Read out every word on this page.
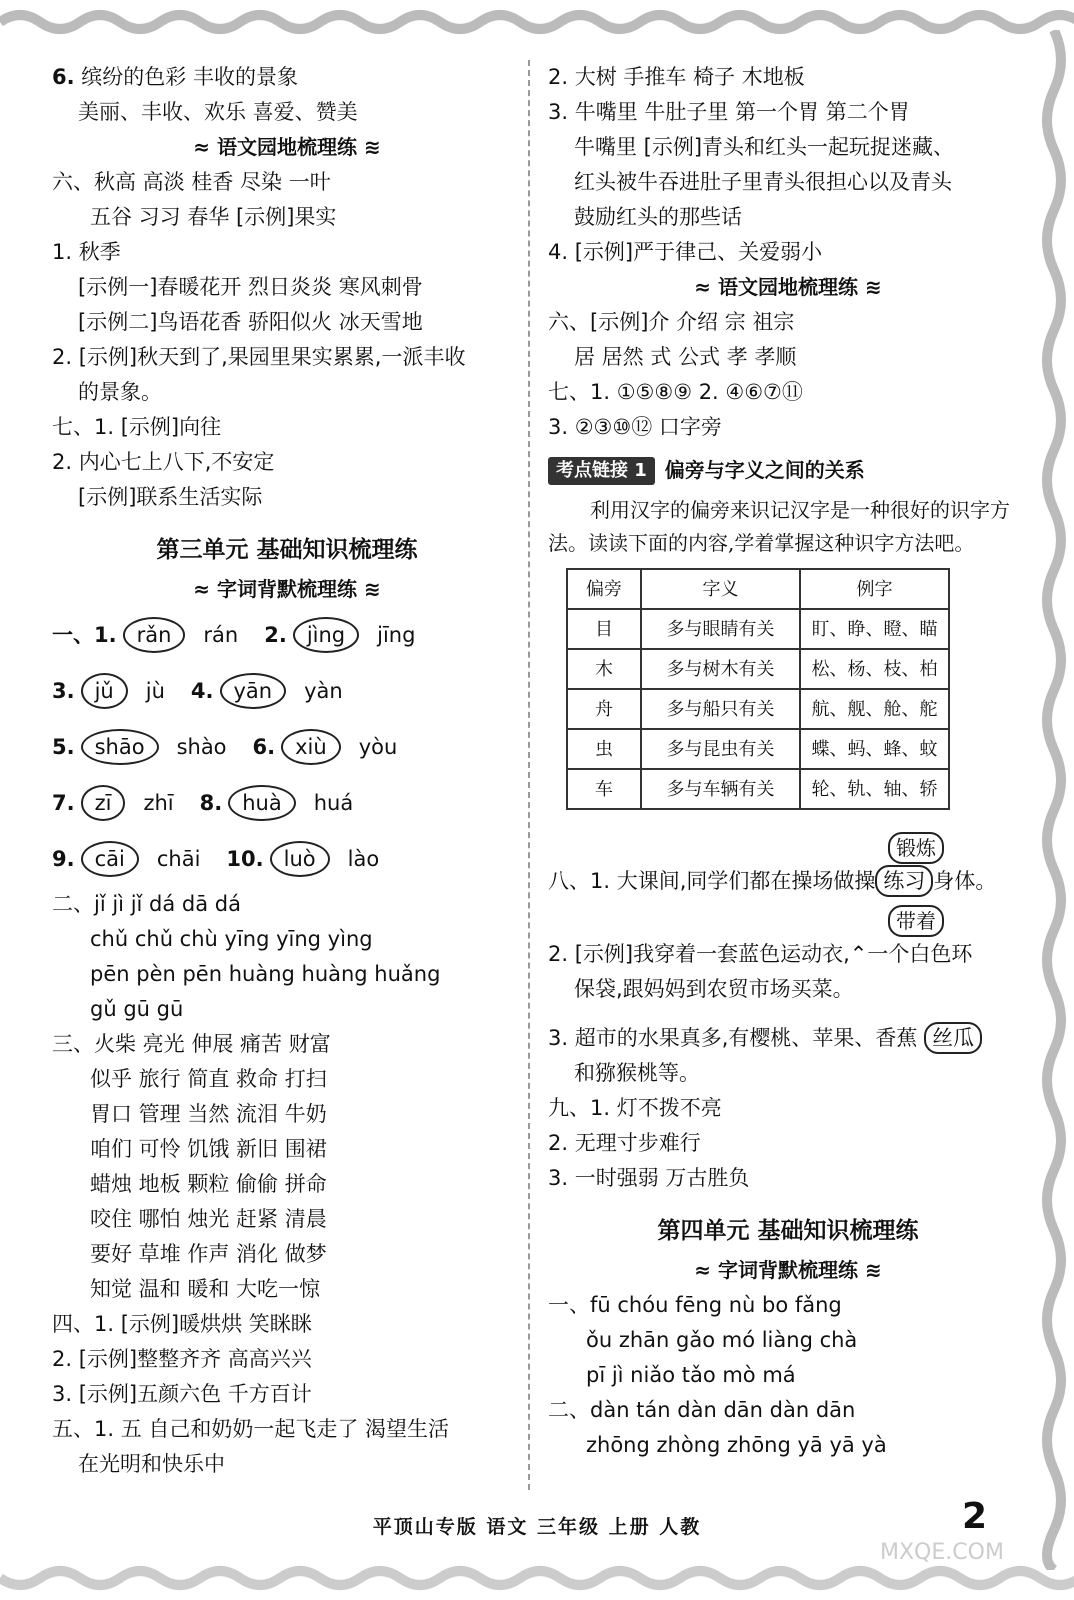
6. 缤纷的色彩 丰收的景象
美丽、丰收、欢乐 喜爱、赞美
≈ 语文园地梳理练 ≋
六、秋高 高淡 桂香 尽染 一叶
五谷 习习 春华 [示例]果实
1. 秋季
[示例一]春暖花开 烈日炎炎 寒风刺骨
[示例二]鸟语花香 骄阳似火 冰天雪地
2. [示例]秋天到了,果园里果实累累,一派丰收
的景象。
七、1. [示例]向往
2. 内心七上八下,不安定
[示例]联系生活实际
第三单元 基础知识梳理练
≈ 字词背默梳理练 ≋
一、1. rǎn rán 2. jìng jīng
3. jǔ jù 4. yān yàn
5. shāo shào 6. xiù yòu
7. zī zhī 8. huà huá
9. cāi chāi 10. luò lào
二、jǐ jì jǐ dá dā dá
chǔ chǔ chù yīng yīng yìng
pēn pèn pēn huàng huàng huǎng
gǔ gū gū
三、火柴 亮光 伸展 痛苦 财富
似乎 旅行 简直 救命 打扫
胃口 管理 当然 流泪 牛奶
咱们 可怜 饥饿 新旧 围裙
蜡烛 地板 颗粒 偷偷 拼命
咬住 哪怕 烛光 赶紧 清晨
要好 草堆 作声 消化 做梦
知觉 温和 暖和 大吃一惊
四、1. [示例]暖烘烘 笑眯眯
2. [示例]整整齐齐 高高兴兴
3. [示例]五颜六色 千方百计
五、1. 五 自己和奶奶一起飞走了 渴望生活
在光明和快乐中
2. 大树 手推车 椅子 木地板
3. 牛嘴里 牛肚子里 第一个胃 第二个胃
牛嘴里 [示例]青头和红头一起玩捉迷藏、
红头被牛吞进肚子里青头很担心以及青头
鼓励红头的那些话
4. [示例]严于律己、关爱弱小
≈ 语文园地梳理练 ≋
六、[示例]介 介绍 宗 祖宗
居 居然 式 公式 孝 孝顺
七、1. ①⑤⑧⑨ 2. ④⑥⑦⑪
3. ②③⑩⑫ 口字旁
考点链接 1 偏旁与字义之间的关系
利用汉字的偏旁来识记汉字是一种很好的识字方法。读读下面的内容,学着掌握这种识字方法吧。
偏旁	字义	例字
目	多与眼睛有关	盯、睁、瞪、瞄
木	多与树木有关	松、杨、枝、柏
舟	多与船只有关	航、舰、舱、舵
虫	多与昆虫有关	蝶、蚂、蜂、蚊
车	多与车辆有关	轮、轨、轴、轿
锻炼
八、1. 大课间,同学们都在操场做操 练习 身体。
带着
2. [示例]我穿着一套蓝色运动衣,⌃一个白色环
保袋,跟妈妈到农贸市场买菜。
3. 超市的水果真多,有樱桃、苹果、香蕉 丝瓜
和猕猴桃等。
九、1. 灯不拨不亮
2. 无理寸步难行
3. 一时强弱 万古胜负
第四单元 基础知识梳理练
≈ 字词背默梳理练 ≋
一、fū chóu fēng nù bo fǎng
ǒu zhān gǎo mó liàng chà
pī jì niǎo tǎo mò má
二、dàn tán dàn dān dàn dān
zhōng zhòng zhōng yā yā yà
平顶山专版 语文 三年级 上册 人教	2
MXQE.COM
